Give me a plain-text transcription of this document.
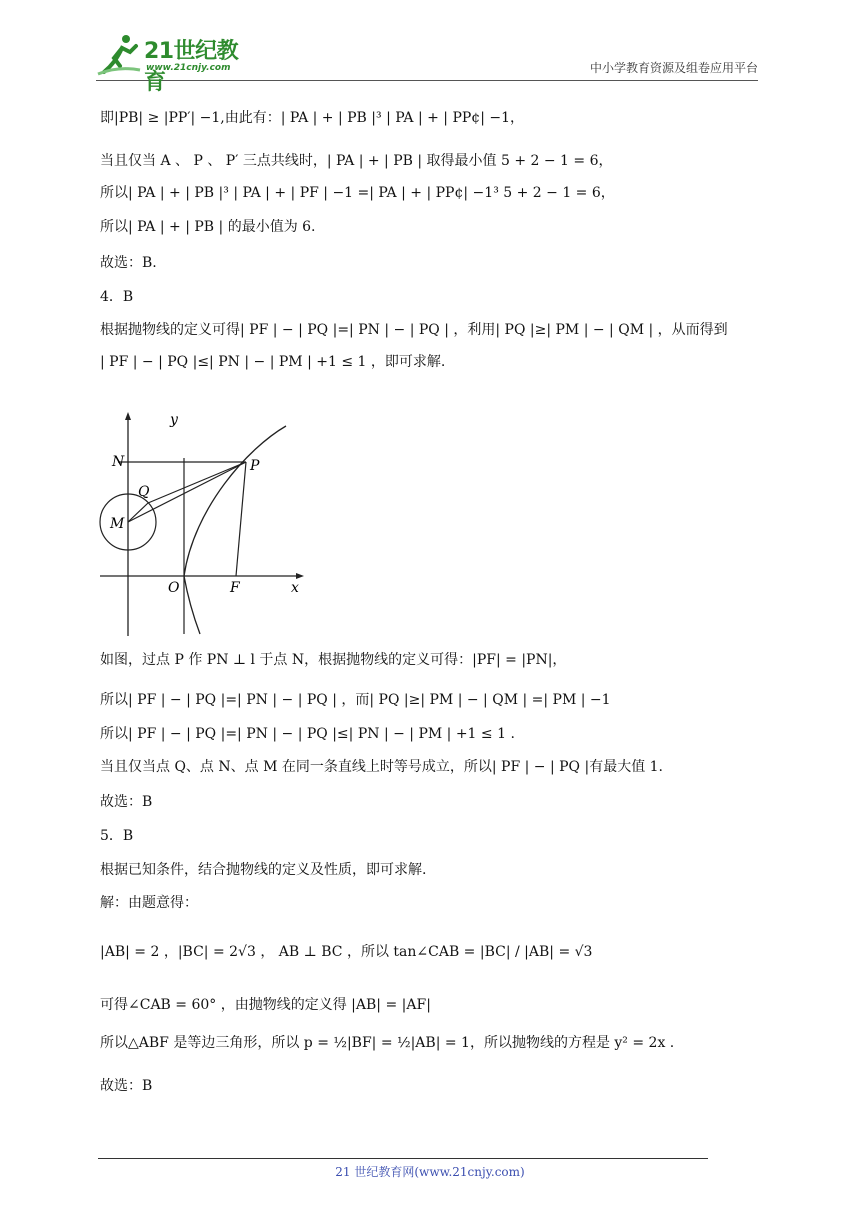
21世纪教育
www.21cnjy.com	中小学教育资源及组卷应用平台
即|PB| ≥ |PP′| −1,由此有：| PA | + | PB |³ | PA | + | PP¢| −1，
当且仅当 A 、 P 、 P′ 三点共线时，| PA | + | PB | 取得最小值 5 + 2 − 1 = 6，
所以| PA | + | PB |³ | PA | + | PF | −1 =| PA | + | PP¢| −1³ 5 + 2 − 1 = 6，
所以| PA | + | PB | 的最小值为 6.
故选：B.
4．B
根据抛物线的定义可得| PF | − | PQ |=| PN | − | PQ | ，利用| PQ |≥| PM | − | QM | ，从而得到
| PF | − | PQ |≤| PN | − | PM | +1 ≤ 1 ，即可求解.
y
x
N	P
Q
M
O	F
如图，过点 P 作 PN ⊥ l 于点 N，根据抛物线的定义可得：|PF| = |PN|，
所以| PF | − | PQ |=| PN | − | PQ | ，而| PQ |≥| PM | − | QM | =| PM | −1
所以| PF | − | PQ |=| PN | − | PQ |≤| PN | − | PM | +1 ≤ 1 .
当且仅当点 Q、点 N、点 M 在同一条直线上时等号成立，所以| PF | − | PQ |有最大值 1.
故选：B
5．B
根据已知条件，结合抛物线的定义及性质，即可求解.
解：由题意得：
|AB| = 2 ，|BC| = 2√3 ， AB ⊥ BC ，所以 tan∠CAB = |BC| / |AB| = √3
可得∠CAB = 60° ，由抛物线的定义得 |AB| = |AF|
所以△ABF 是等边三角形，所以 p = ½|BF| = ½|AB| = 1，所以抛物线的方程是 y² = 2x .
故选：B
21 世纪教育网(www.21cnjy.com)
